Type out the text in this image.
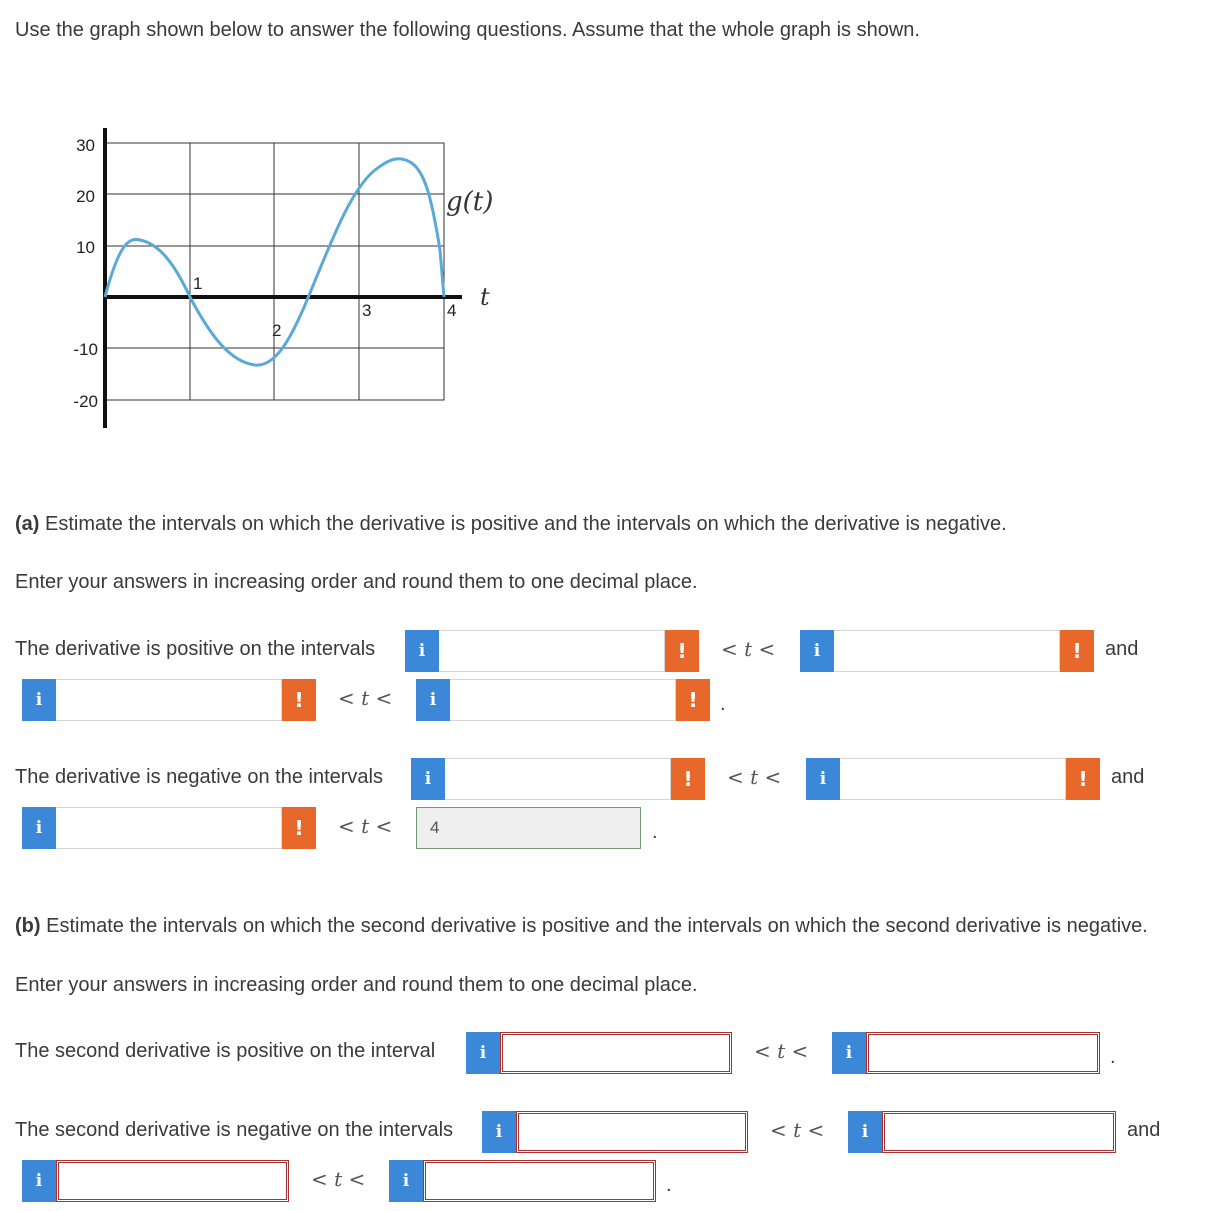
Use the graph shown below to answer the following questions. Assume that the whole graph is shown.
30
20
10
-10
-20
1
2
3	4
g(t)
t
(a) Estimate the intervals on which the derivative is positive and the intervals on which the derivative is negative.
Enter your answers in increasing order and round them to one decimal place.
The derivative is positive on the intervals	i	!	< t <	i	!	and
i	!	< t <	i	!	.
The derivative is negative on the intervals	i	!	< t <	i	!	and
i	!	< t <	4	.
(b) Estimate the intervals on which the second derivative is positive and the intervals on which the second derivative is negative.
Enter your answers in increasing order and round them to one decimal place.
The second derivative is positive on the interval	i	< t <	i	.
The second derivative is negative on the intervals	i	< t <	i	and
i	< t <	i	.
